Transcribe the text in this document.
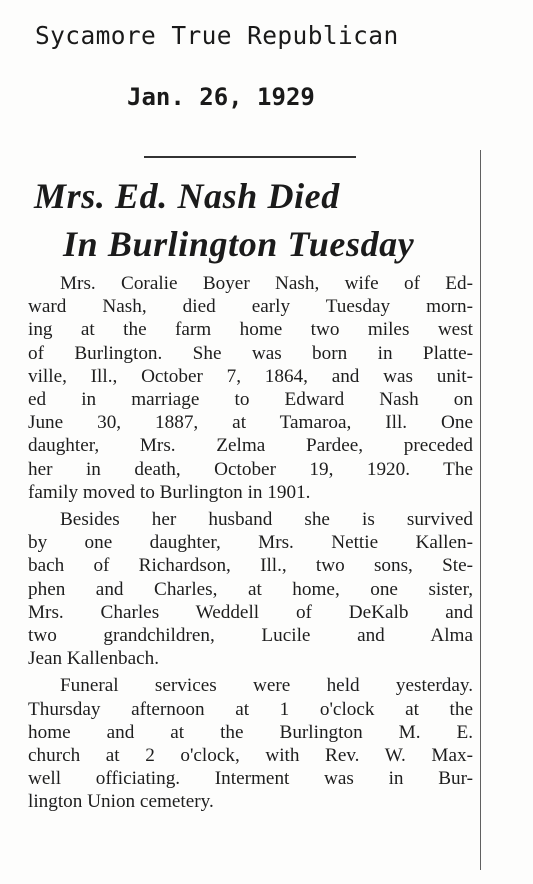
Sycamore True Republican
Jan. 26, 1929
Mrs. Ed. Nash Died
In Burlington Tuesday
Mrs. Coralie Boyer Nash, wife of Ed-
ward Nash, died early Tuesday morn-
ing at the farm home two miles west
of Burlington. She was born in Platte-
ville, Ill., October 7, 1864, and was unit-
ed in marriage to Edward Nash on
June 30, 1887, at Tamaroa, Ill. One
daughter, Mrs. Zelma Pardee, preceded
her in death, October 19, 1920. The
family moved to Burlington in 1901.
Besides her husband she is survived
by one daughter, Mrs. Nettie Kallen-
bach of Richardson, Ill., two sons, Ste-
phen and Charles, at home, one sister,
Mrs. Charles Weddell of DeKalb and
two grandchildren, Lucile and Alma
Jean Kallenbach.
Funeral services were held yesterday.
Thursday afternoon at 1 o'clock at the
home and at the Burlington M. E.
church at 2 o'clock, with Rev. W. Max-
well officiating. Interment was in Bur-
lington Union cemetery.
